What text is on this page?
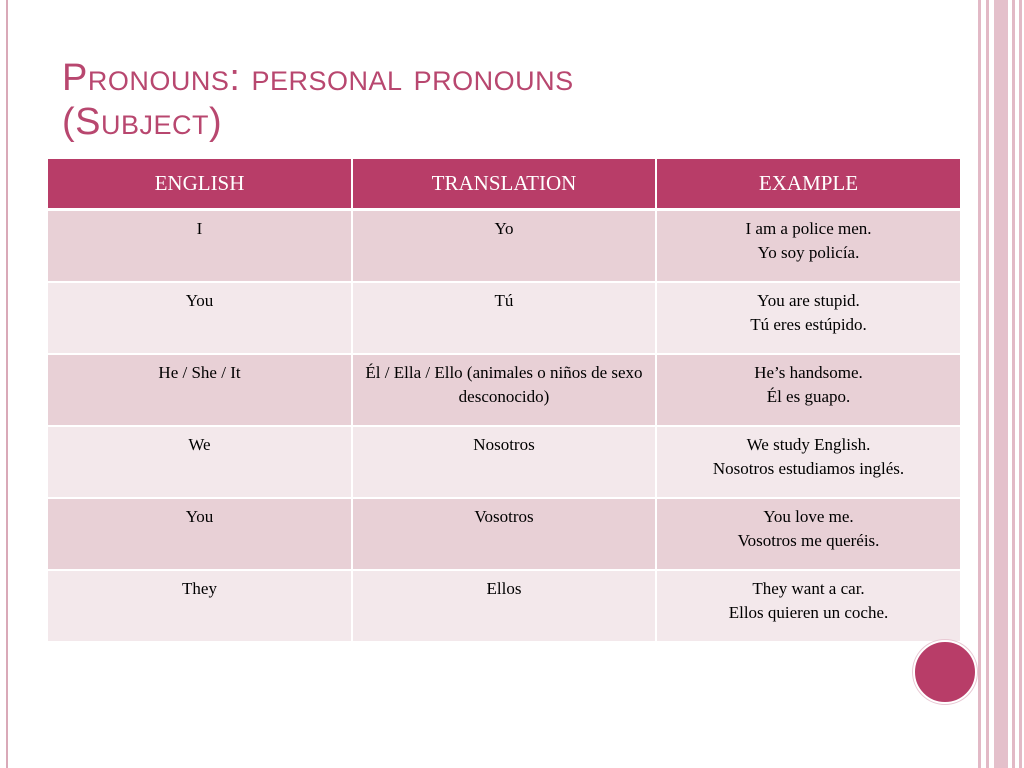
Pronouns: personal pronouns
(Subject)
ENGLISH	TRANSLATION	EXAMPLE
I	Yo	I am a police men.
Yo soy policía.

You	Tú	You are stupid.
Tú eres estúpido.

He / She / It	Él / Ella / Ello (animales o niños de sexo desconocido)	He’s handsome.
Él es guapo.

We	Nosotros	We study English.
Nosotros estudiamos inglés.

You	Vosotros	You love me.
Vosotros me queréis.

They	Ellos	They want a car.
Ellos quieren un coche.
